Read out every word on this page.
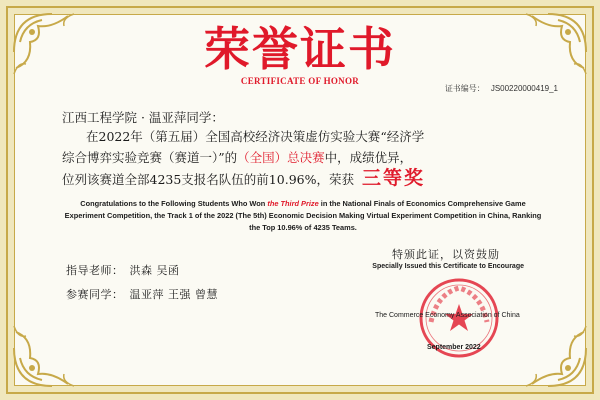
荣誉证书
CERTIFICATE OF HONOR
证书编号： JS00220000419_1
江西工程学院 · 温亚萍同学：

在2022年（第五届）全国高校经济决策虚仿实验大赛“经济学

综合博弈实验竞赛（赛道一）”的（全国）总决赛中，成绩优异，

位列该赛道全部4235支报名队伍的前10.96%，荣获 三等奖

Congratulations to the Following Students Who Won the Third Prize in the National Finals of Economics Comprehensive Game Experiment Competition, the Track 1 of the 2022 (The 5th) Economic Decision Making Virtual Experiment Competition in China, Ranking the Top 10.96% of 4235 Teams.
特颁此证，以资鼓励
Specially Issued this Certificate to Encourage
指导老师： 洪森 吴函
参赛同学： 温亚萍 王强 曾慧
The Commerce Economy Association of China
September 2022
